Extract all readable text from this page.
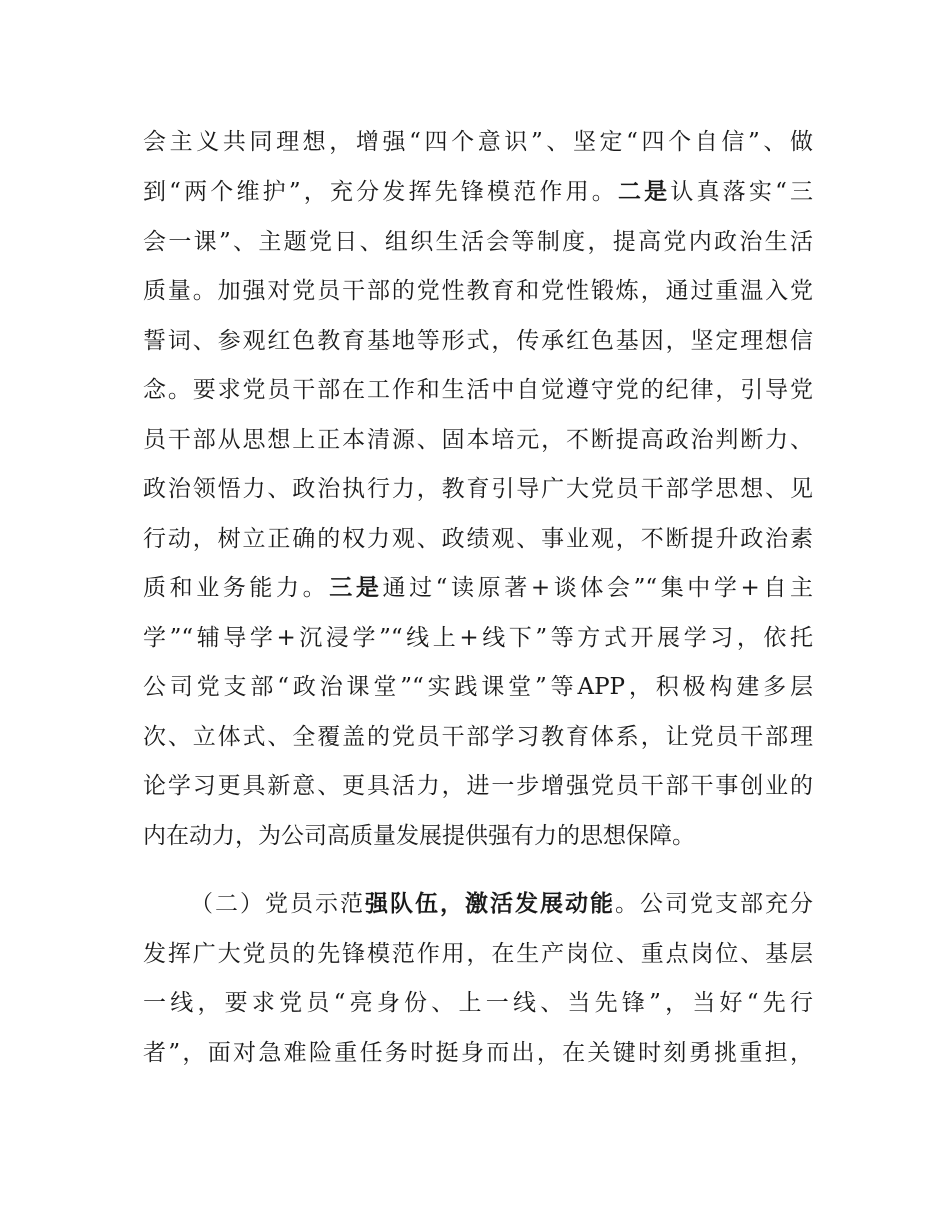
会主义共同理想，增强“四个意识”、坚定“四个自信”、做
到“两个维护”，充分发挥先锋模范作用。二是认真落实“三
会一课”、主题党日、组织生活会等制度，提高党内政治生活
质量。加强对党员干部的党性教育和党性锻炼，通过重温入党
誓词、参观红色教育基地等形式，传承红色基因，坚定理想信
念。要求党员干部在工作和生活中自觉遵守党的纪律，引导党
员干部从思想上正本清源、固本培元，不断提高政治判断力、
政治领悟力、政治执行力，教育引导广大党员干部学思想、见
行动，树立正确的权力观、政绩观、事业观，不断提升政治素
质和业务能力。三是通过“读原著+谈体会”“集中学+自主
学”“辅导学+沉浸学”“线上+线下”等方式开展学习，依托
公司党支部“政治课堂”“实践课堂”等APP，积极构建多层
次、立体式、全覆盖的党员干部学习教育体系，让党员干部理
论学习更具新意、更具活力，进一步增强党员干部干事创业的
内在动力，为公司高质量发展提供强有力的思想保障。
（二）党员示范强队伍，激活发展动能。公司党支部充分
发挥广大党员的先锋模范作用，在生产岗位、重点岗位、基层
一线，要求党员“亮身份、上一线、当先锋”，当好“先行
者”，面对急难险重任务时挺身而出，在关键时刻勇挑重担，
